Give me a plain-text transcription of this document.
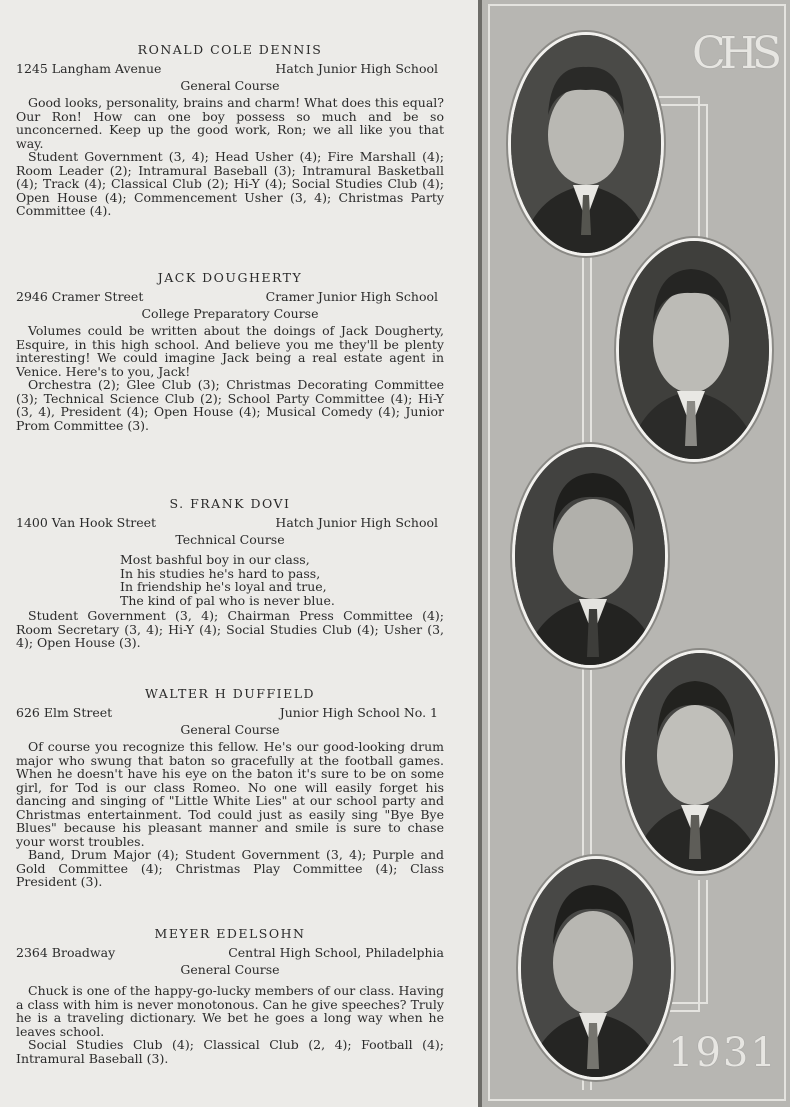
RONALD COLE DENNIS
1245 Langham Avenue	Hatch Junior High School
General Course

Good looks, personality, brains and charm! What does this equal? Our Ron! How can one boy possess so much and be so unconcerned. Keep up the good work, Ron; we all like you that way.

Student Government (3, 4); Head Usher (4); Fire Marshall (4); Room Leader (2); Intramural Baseball (3); Intramural Basketball (4); Track (4); Classical Club (2); Hi-Y (4); Social Studies Club (4); Open House (4); Commencement Usher (3, 4); Christmas Party Committee (4).

JACK DOUGHERTY
2946 Cramer Street	Cramer Junior High School
College Preparatory Course

Volumes could be written about the doings of Jack Dougherty, Esquire, in this high school. And believe you me they'll be plenty interesting! We could imagine Jack being a real estate agent in Venice. Here's to you, Jack!

Orchestra (2); Glee Club (3); Christmas Decorating Committee (3); Technical Science Club (2); School Party Committee (4); Hi-Y (3, 4), President (4); Open House (4); Musical Comedy (4); Junior Prom Committee (3).

S. FRANK DOVI
1400 Van Hook Street	Hatch Junior High School
Technical Course
Most bashful boy in our class,
In his studies he's hard to pass,
In friendship he's loyal and true,
The kind of pal who is never blue.

Student Government (3, 4); Chairman Press Committee (4); Room Secretary (3, 4); Hi-Y (4); Social Studies Club (4); Usher (3, 4); Open House (3).

WALTER H DUFFIELD
626 Elm Street	Junior High School No. 1
General Course

Of course you recognize this fellow. He's our good-looking drum major who swung that baton so gracefully at the football games. When he doesn't have his eye on the baton it's sure to be on some girl, for Tod is our class Romeo. No one will easily forget his dancing and singing of "Little White Lies" at our school party and Christmas entertainment. Tod could just as easily sing "Bye Bye Blues" because his pleasant manner and smile is sure to chase your worst troubles.

Band, Drum Major (4); Student Government (3, 4); Purple and Gold Committee (4); Christmas Play Committee (4); Class President (3).

MEYER EDELSOHN
2364 Broadway	Central High School, Philadelphia
General Course

Chuck is one of the happy-go-lucky members of our class. Having a class with him is never monotonous. Can he give speeches? Truly he is a traveling dictionary. We bet he goes a long way when he leaves school.

Social Studies Club (4); Classical Club (2, 4); Football (4); Intramural Baseball (3).

CHS
1931
